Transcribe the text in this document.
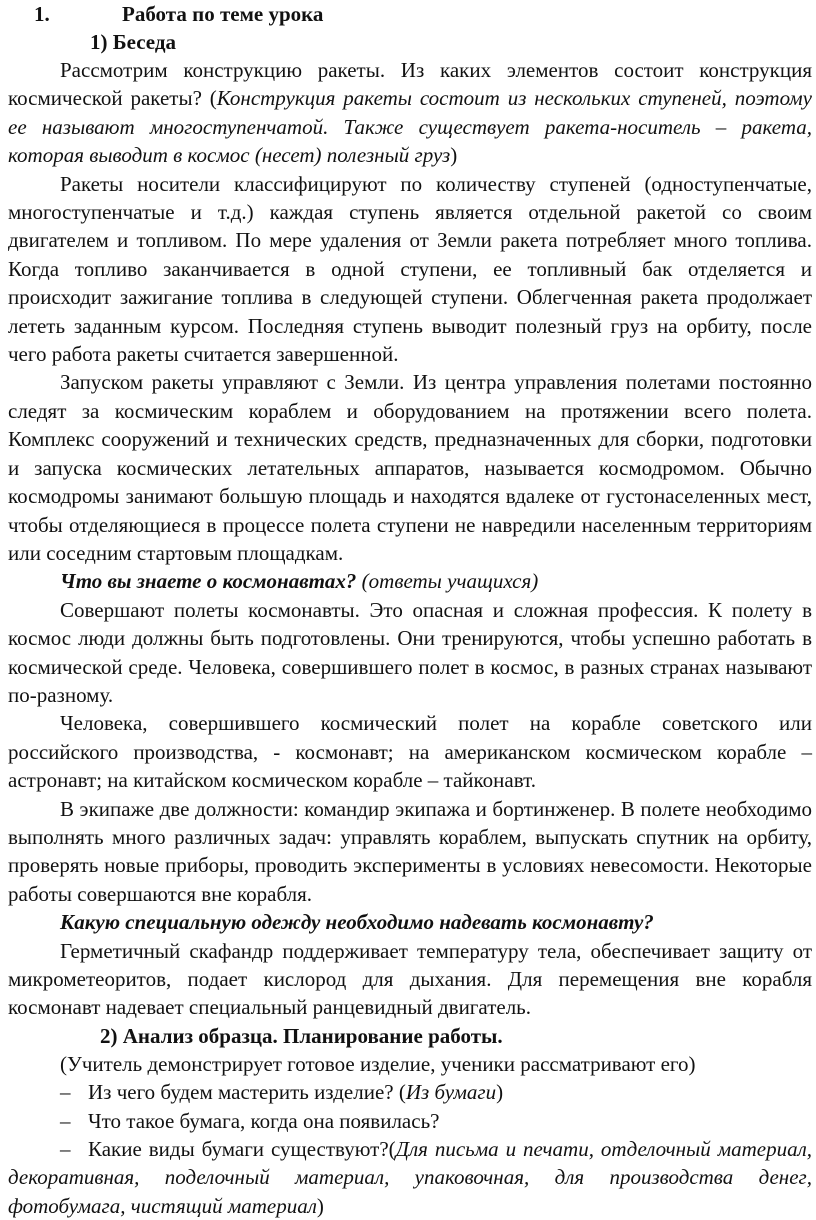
1.	Работа по теме урока
1) Беседа

Рассмотрим конструкцию ракеты. Из каких элементов состоит конструкция космической ракеты? (Конструкция ракеты состоит из нескольких ступеней, поэтому ее называют многоступенчатой. Также существует ракета-носитель – ракета, которая выводит в космос (несет) полезный груз)

Ракеты носители классифицируют по количеству ступеней (одноступенчатые, многоступенчатые и т.д.) каждая ступень является отдельной ракетой со своим двигателем и топливом. По мере удаления от Земли ракета потребляет много топлива. Когда топливо заканчивается в одной ступени, ее топливный бак отделяется и происходит зажигание топлива в следующей ступени. Облегченная ракета продолжает лететь заданным курсом. Последняя ступень выводит полезный груз на орбиту, после чего работа ракеты считается завершенной.

Запуском ракеты управляют с Земли. Из центра управления полетами постоянно следят за космическим кораблем и оборудованием на протяжении всего полета. Комплекс сооружений и технических средств, предназначенных для сборки, подготовки и запуска космических летательных аппаратов, называется космодромом. Обычно космодромы занимают большую площадь и находятся вдалеке от густонаселенных мест, чтобы отделяющиеся в процессе полета ступени не навредили населенным территориям или соседним стартовым площадкам.

Что вы знаете о космонавтах? (ответы учащихся)

Совершают полеты космонавты. Это опасная и сложная профессия. К полету в космос люди должны быть подготовлены. Они тренируются, чтобы успешно работать в космической среде. Человека, совершившего полет в космос, в разных странах называют по-разному.

Человека, совершившего космический полет на корабле советского или российского производства, - космонавт; на американском космическом корабле – астронавт; на китайском космическом корабле – тайконавт.

В экипаже две должности: командир экипажа и бортинженер. В полете необходимо выполнять много различных задач: управлять кораблем, выпускать спутник на орбиту, проверять новые приборы, проводить эксперименты в условиях невесомости. Некоторые работы совершаются вне корабля.

Какую специальную одежду необходимо надевать космонавту?

Герметичный скафандр поддерживает температуру тела, обеспечивает защиту от микрометеоритов, подает кислород для дыхания. Для перемещения вне корабля космонавт надевает специальный ранцевидный двигатель.

2) Анализ образца. Планирование работы.

(Учитель демонстрирует готовое изделие, ученики рассматривают его)

– Из чего будем мастерить изделие? (Из бумаги)
– Что такое бумага, когда она появилась?

– Какие виды бумаги существуют?(Для письма и печати, отделочный материал, декоративная, поделочный материал, упаковочная, для производства денег, фотобумага, чистящий материал)
